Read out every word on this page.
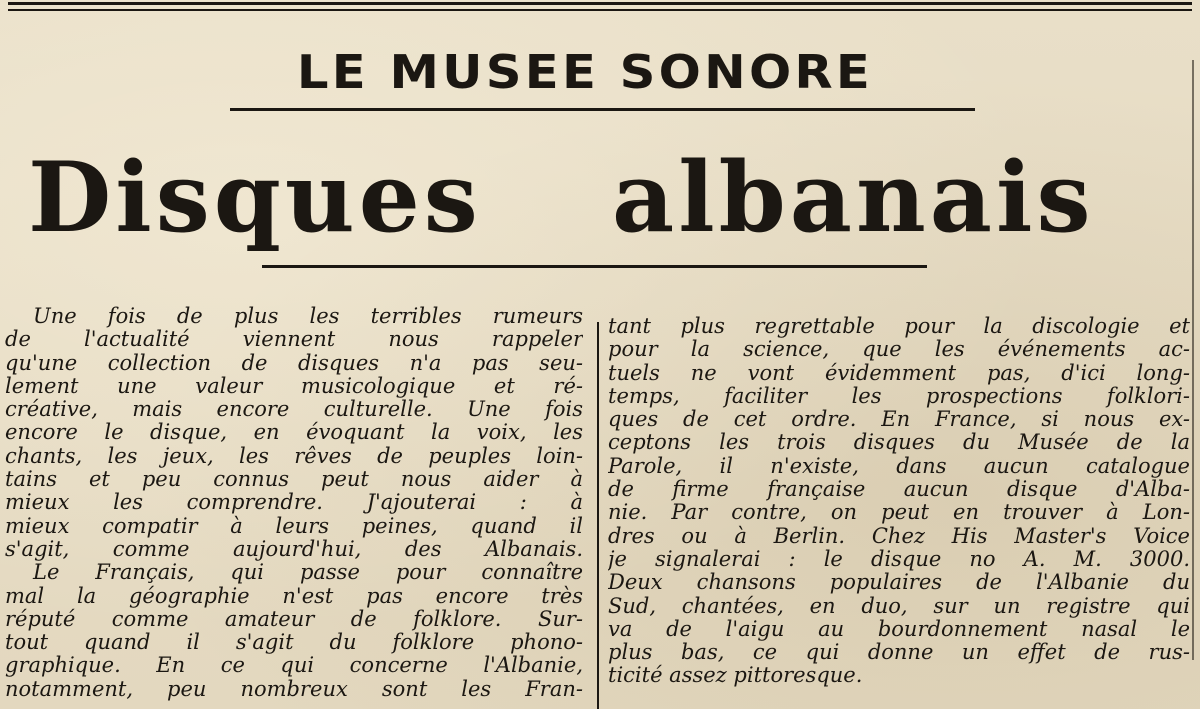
LE MUSEE SONORE
Disques albanais
Une fois de plus les terribles rumeurs
de l'actualité viennent nous rappeler
qu'une collection de disques n'a pas seu-
lement une valeur musicologique et ré-
créative, mais encore culturelle. Une fois
encore le disque, en évoquant la voix, les
chants, les jeux, les rêves de peuples loin-
tains et peu connus peut nous aider à
mieux les comprendre. J'ajouterai : à
mieux compatir à leurs peines, quand il
s'agit, comme aujourd'hui, des Albanais.
Le Français, qui passe pour connaître
mal la géographie n'est pas encore très
réputé comme amateur de folklore. Sur-
tout quand il s'agit du folklore phono-
graphique. En ce qui concerne l'Albanie,
notamment, peu nombreux sont les Fran-
tant plus regrettable pour la discologie et
pour la science, que les événements ac-
tuels ne vont évidemment pas, d'ici long-
temps, faciliter les prospections folklori-
ques de cet ordre. En France, si nous ex-
ceptons les trois disques du Musée de la
Parole, il n'existe, dans aucun catalogue
de firme française aucun disque d'Alba-
nie. Par contre, on peut en trouver à Lon-
dres ou à Berlin. Chez His Master's Voice
je signalerai : le disque no A. M. 3000.
Deux chansons populaires de l'Albanie du
Sud, chantées, en duo, sur un registre qui
va de l'aigu au bourdonnement nasal le
plus bas, ce qui donne un effet de rus-
ticité assez pittoresque.
